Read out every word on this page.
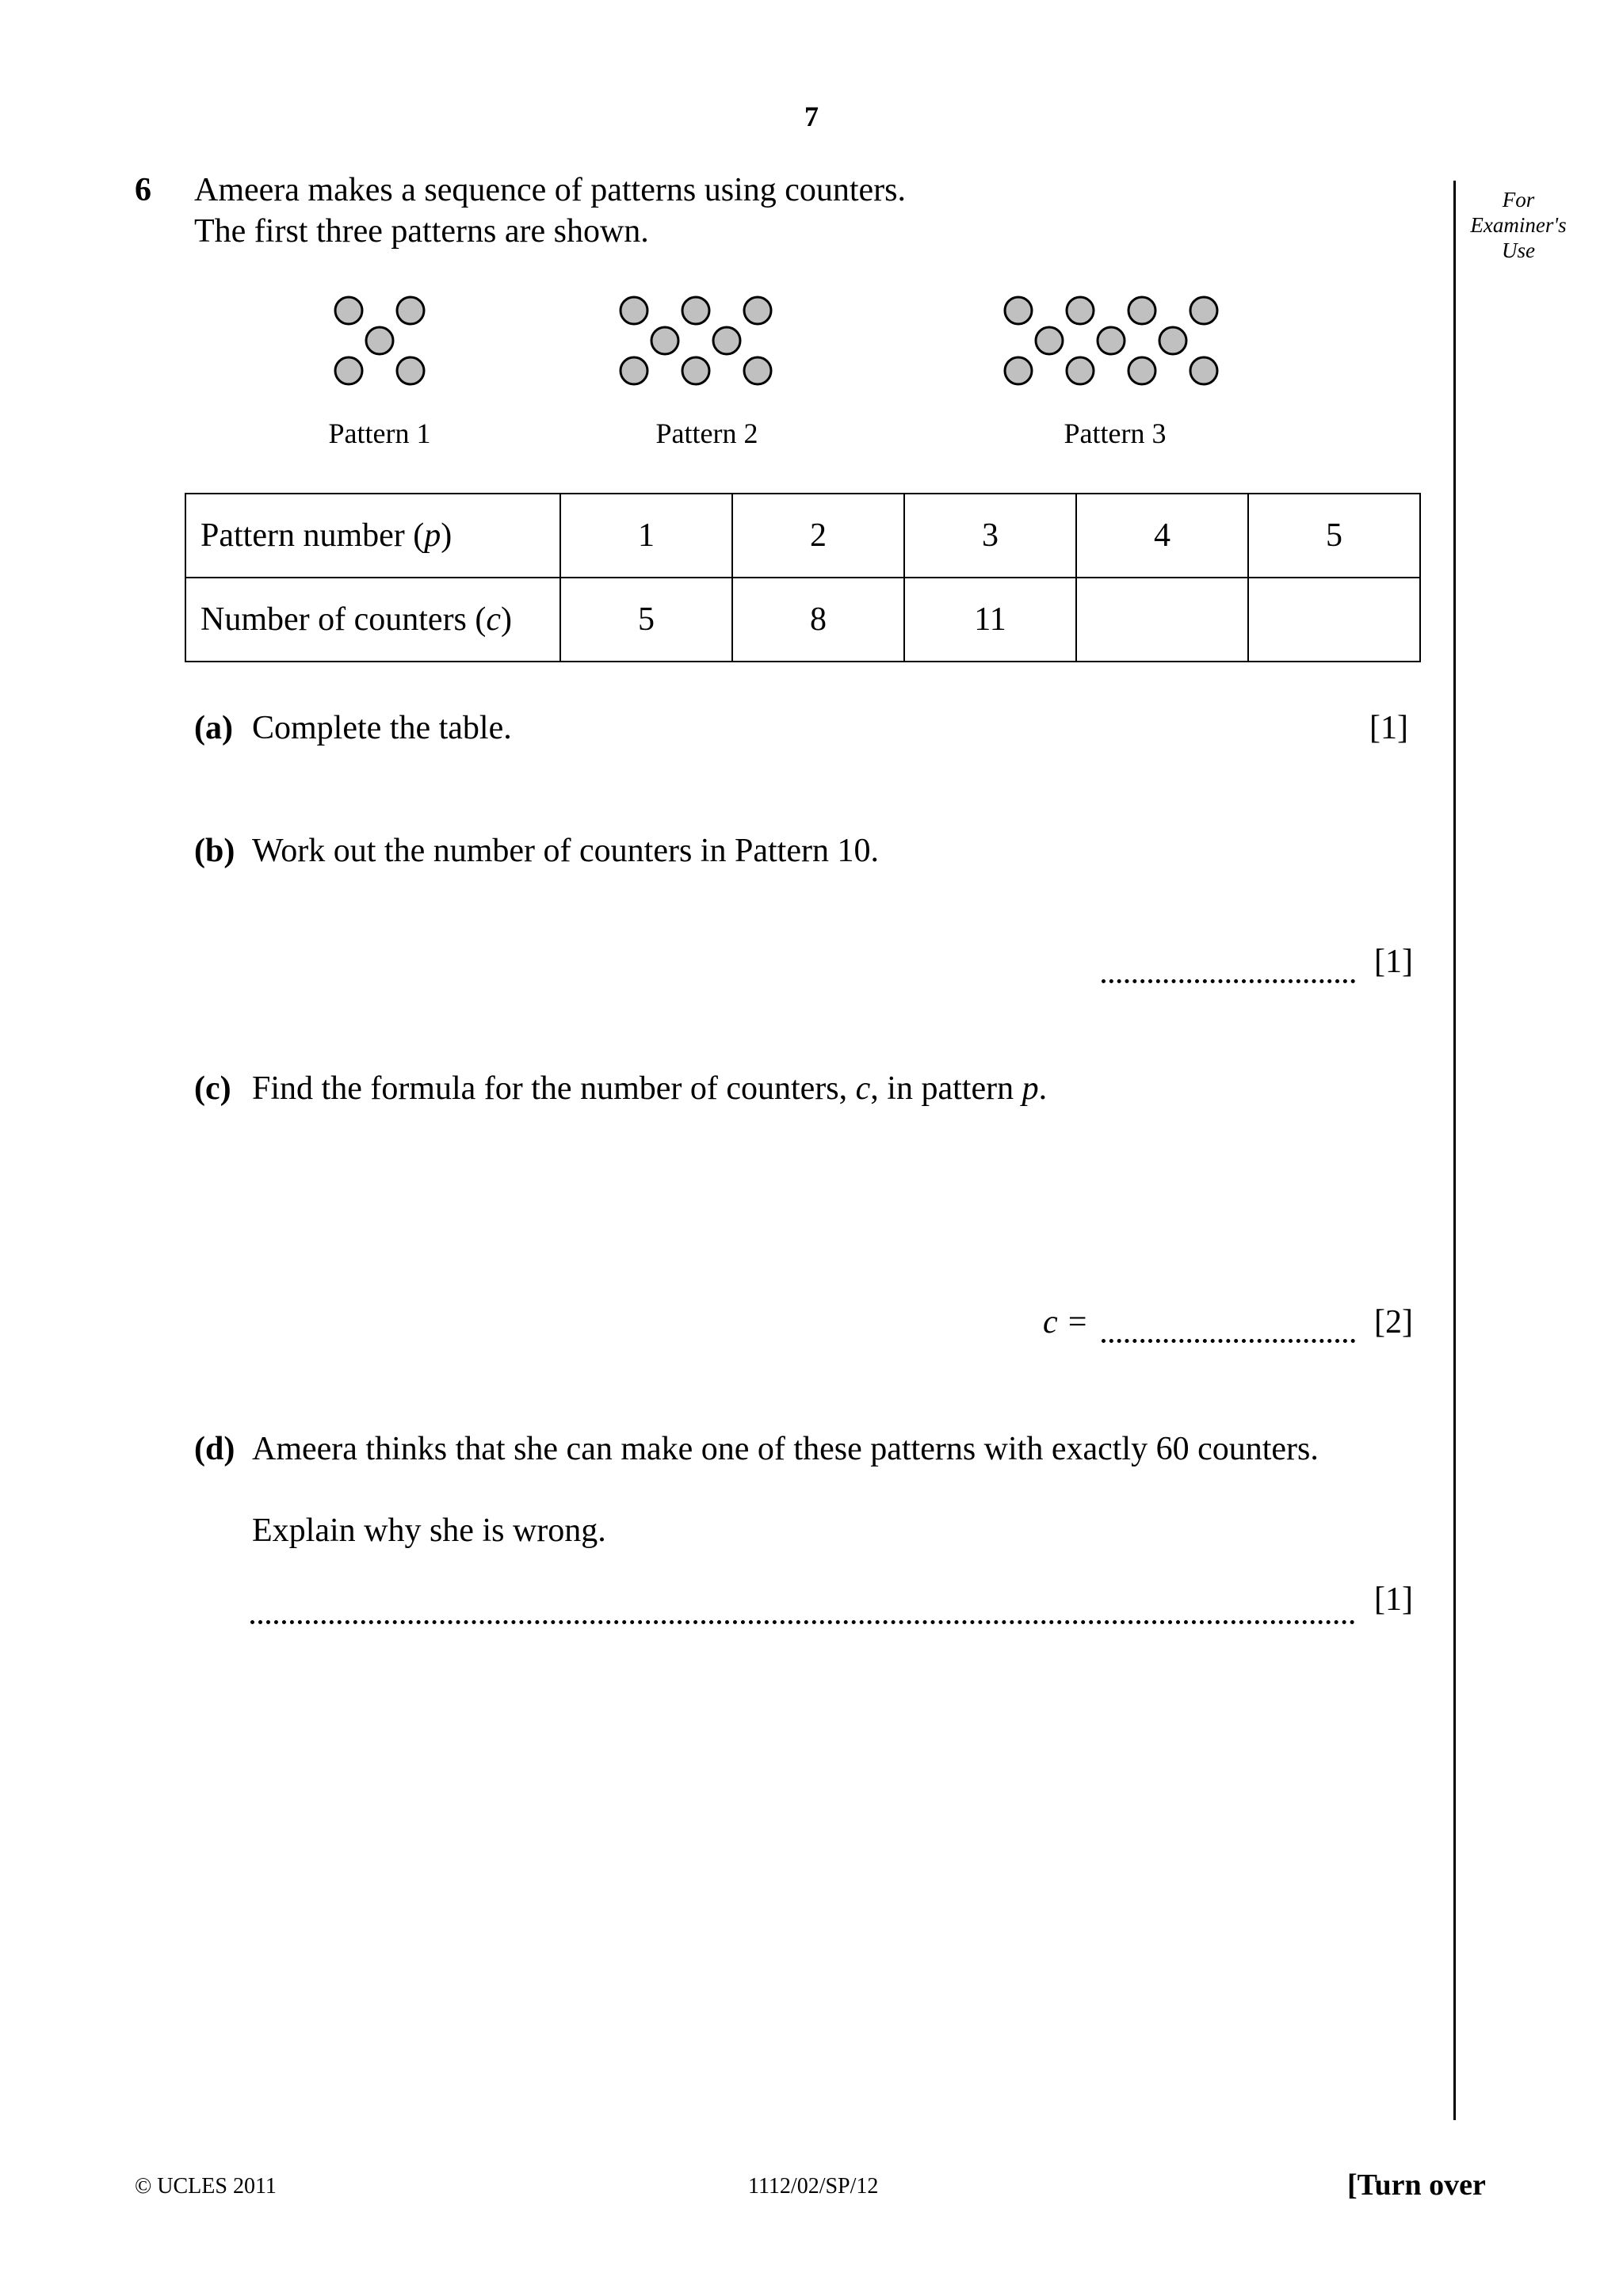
7
For
Examiner's
Use
6 Ameera makes a sequence of patterns using counters.
The first three patterns are shown.
Pattern 1	Pattern 2	Pattern 3
Pattern number (p)	1	2	3	4	5
Number of counters (c)	5	8	11		
(a) Complete the table.	[1]
(b) Work out the number of counters in Pattern 10.
[1]
(c) Find the formula for the number of counters, c, in pattern p.
c =	[2]
(d) Ameera thinks that she can make one of these patterns with exactly 60 counters.
Explain why she is wrong.
[1]
© UCLES 2011	1112/02/SP/12	[Turn over
